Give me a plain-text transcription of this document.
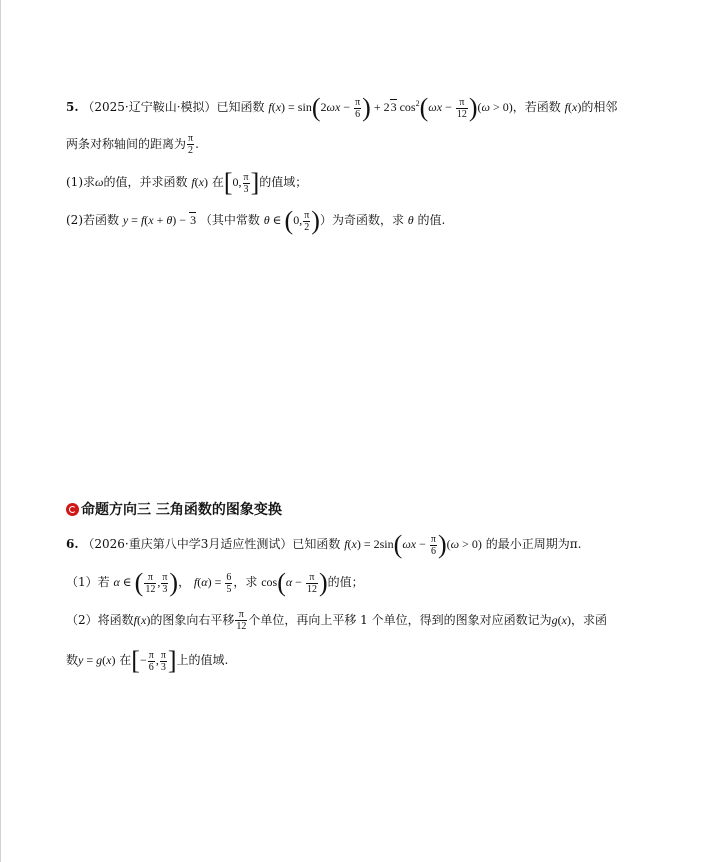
5. （2025·辽宁鞍山·模拟）已知函数 $f(x) = \sin(2\omega x - \frac{\pi}{6}$ ) + 23 $\cos^2(\omega x - \frac{\pi}{12} )(\omega > 0)$，若函数 f(x)的相邻
两条对称轴间的距离为 $\frac{\pi}{2}$ .
(1)求ω的值，并求函数 f(x) 在[0, $\frac{\pi}{3}$ ]的值域；
(2)若函数 y = f(x + θ) − 3 （其中常数 θ ∈ (0, $\frac{\pi}{2}$ )）为奇函数，求 θ 的值.
命题方向三 三角函数的图象变换
6. （2026·重庆第八中学3月适应性测试）已知函数 $f(x) = 2\sin(\omega x - \frac{\pi}{6} )(\omega > 0)$ 的最小正周期为π.
（1）若 α ∈ ( $\frac{\pi}{12}$ , $\frac{\pi}{3}$ )， $f(\alpha) = \frac{6}{5}$ ，求 $\cos(\alpha - \frac{\pi}{12}$ )的值；
（2）将函数f(x)的图象向右平移 $\frac{\pi}{12}$ 个单位，再向上平移 1 个单位，得到的图象对应函数记为g(x)，求函
数y = g(x) 在[− $\frac{\pi}{6}$ , $\frac{\pi}{3}$ ]上的值域.
